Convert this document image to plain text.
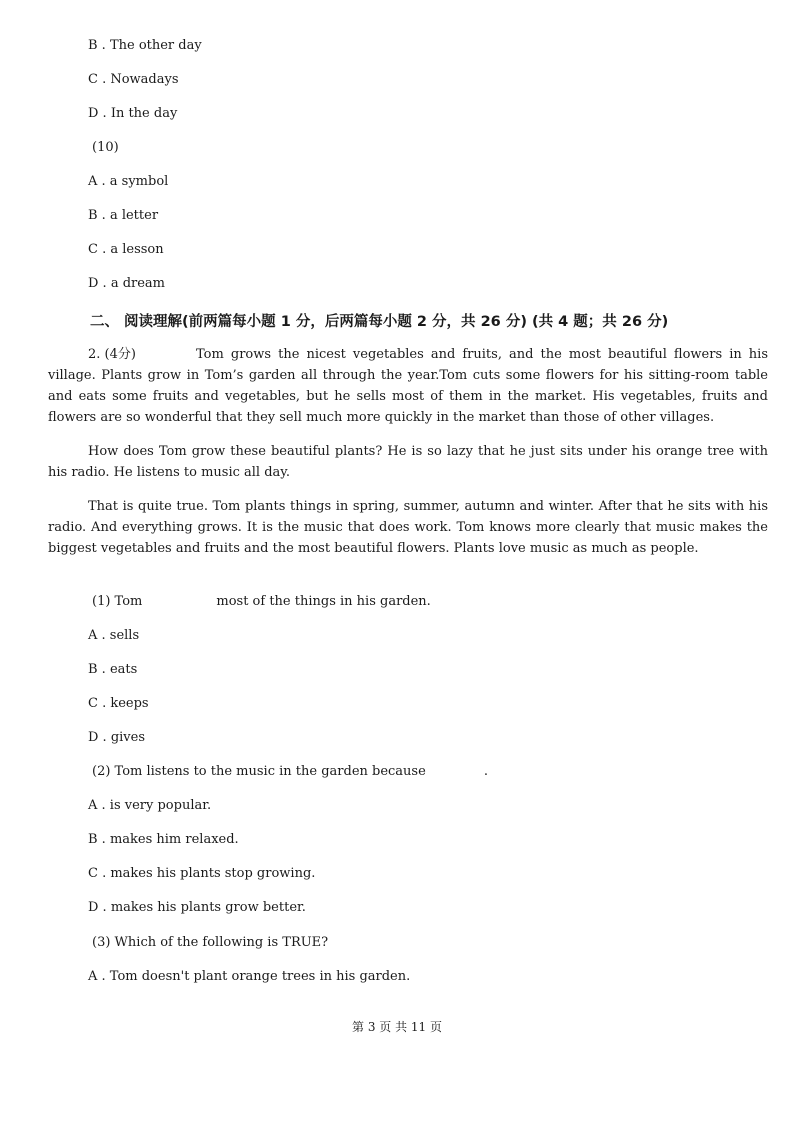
B . The other day
C . Nowadays
D . In the day
(10)
A . a symbol
B . a letter
C . a lesson
D . a dream
二、 阅读理解(前两篇每小题 1 分，后两篇每小题 2 分，共 26 分) (共 4 题；共 26 分)
2. (4分)	Tom grows the nicest vegetables and fruits, and the most beautiful flowers in his village. Plants grow in Tom’s garden all through the year.Tom cuts some flowers for his sitting-room table and eats some fruits and vegetables, but he sells most of them in the market. His vegetables, fruits and flowers are so wonderful that they sell much more quickly in the market than those of other villages.
How does Tom grow these beautiful plants? He is so lazy that he just sits under his orange tree with his radio. He listens to music all day.
That is quite true. Tom plants things in spring, summer, autumn and winter. After that he sits with his radio. And everything grows. It is the music that does work. Tom knows more clearly that music makes the biggest vegetables and fruits and the most beautiful flowers. Plants love music as much as people.
(1) Tom	most of the things in his garden.
A . sells
B . eats
C . keeps
D . gives
(2) Tom listens to the music in the garden because	.
A . is very popular.
B . makes him relaxed.
C . makes his plants stop growing.
D . makes his plants grow better.
(3) Which of the following is TRUE?
A . Tom doesn't plant orange trees in his garden.
第 3 页 共 11 页
